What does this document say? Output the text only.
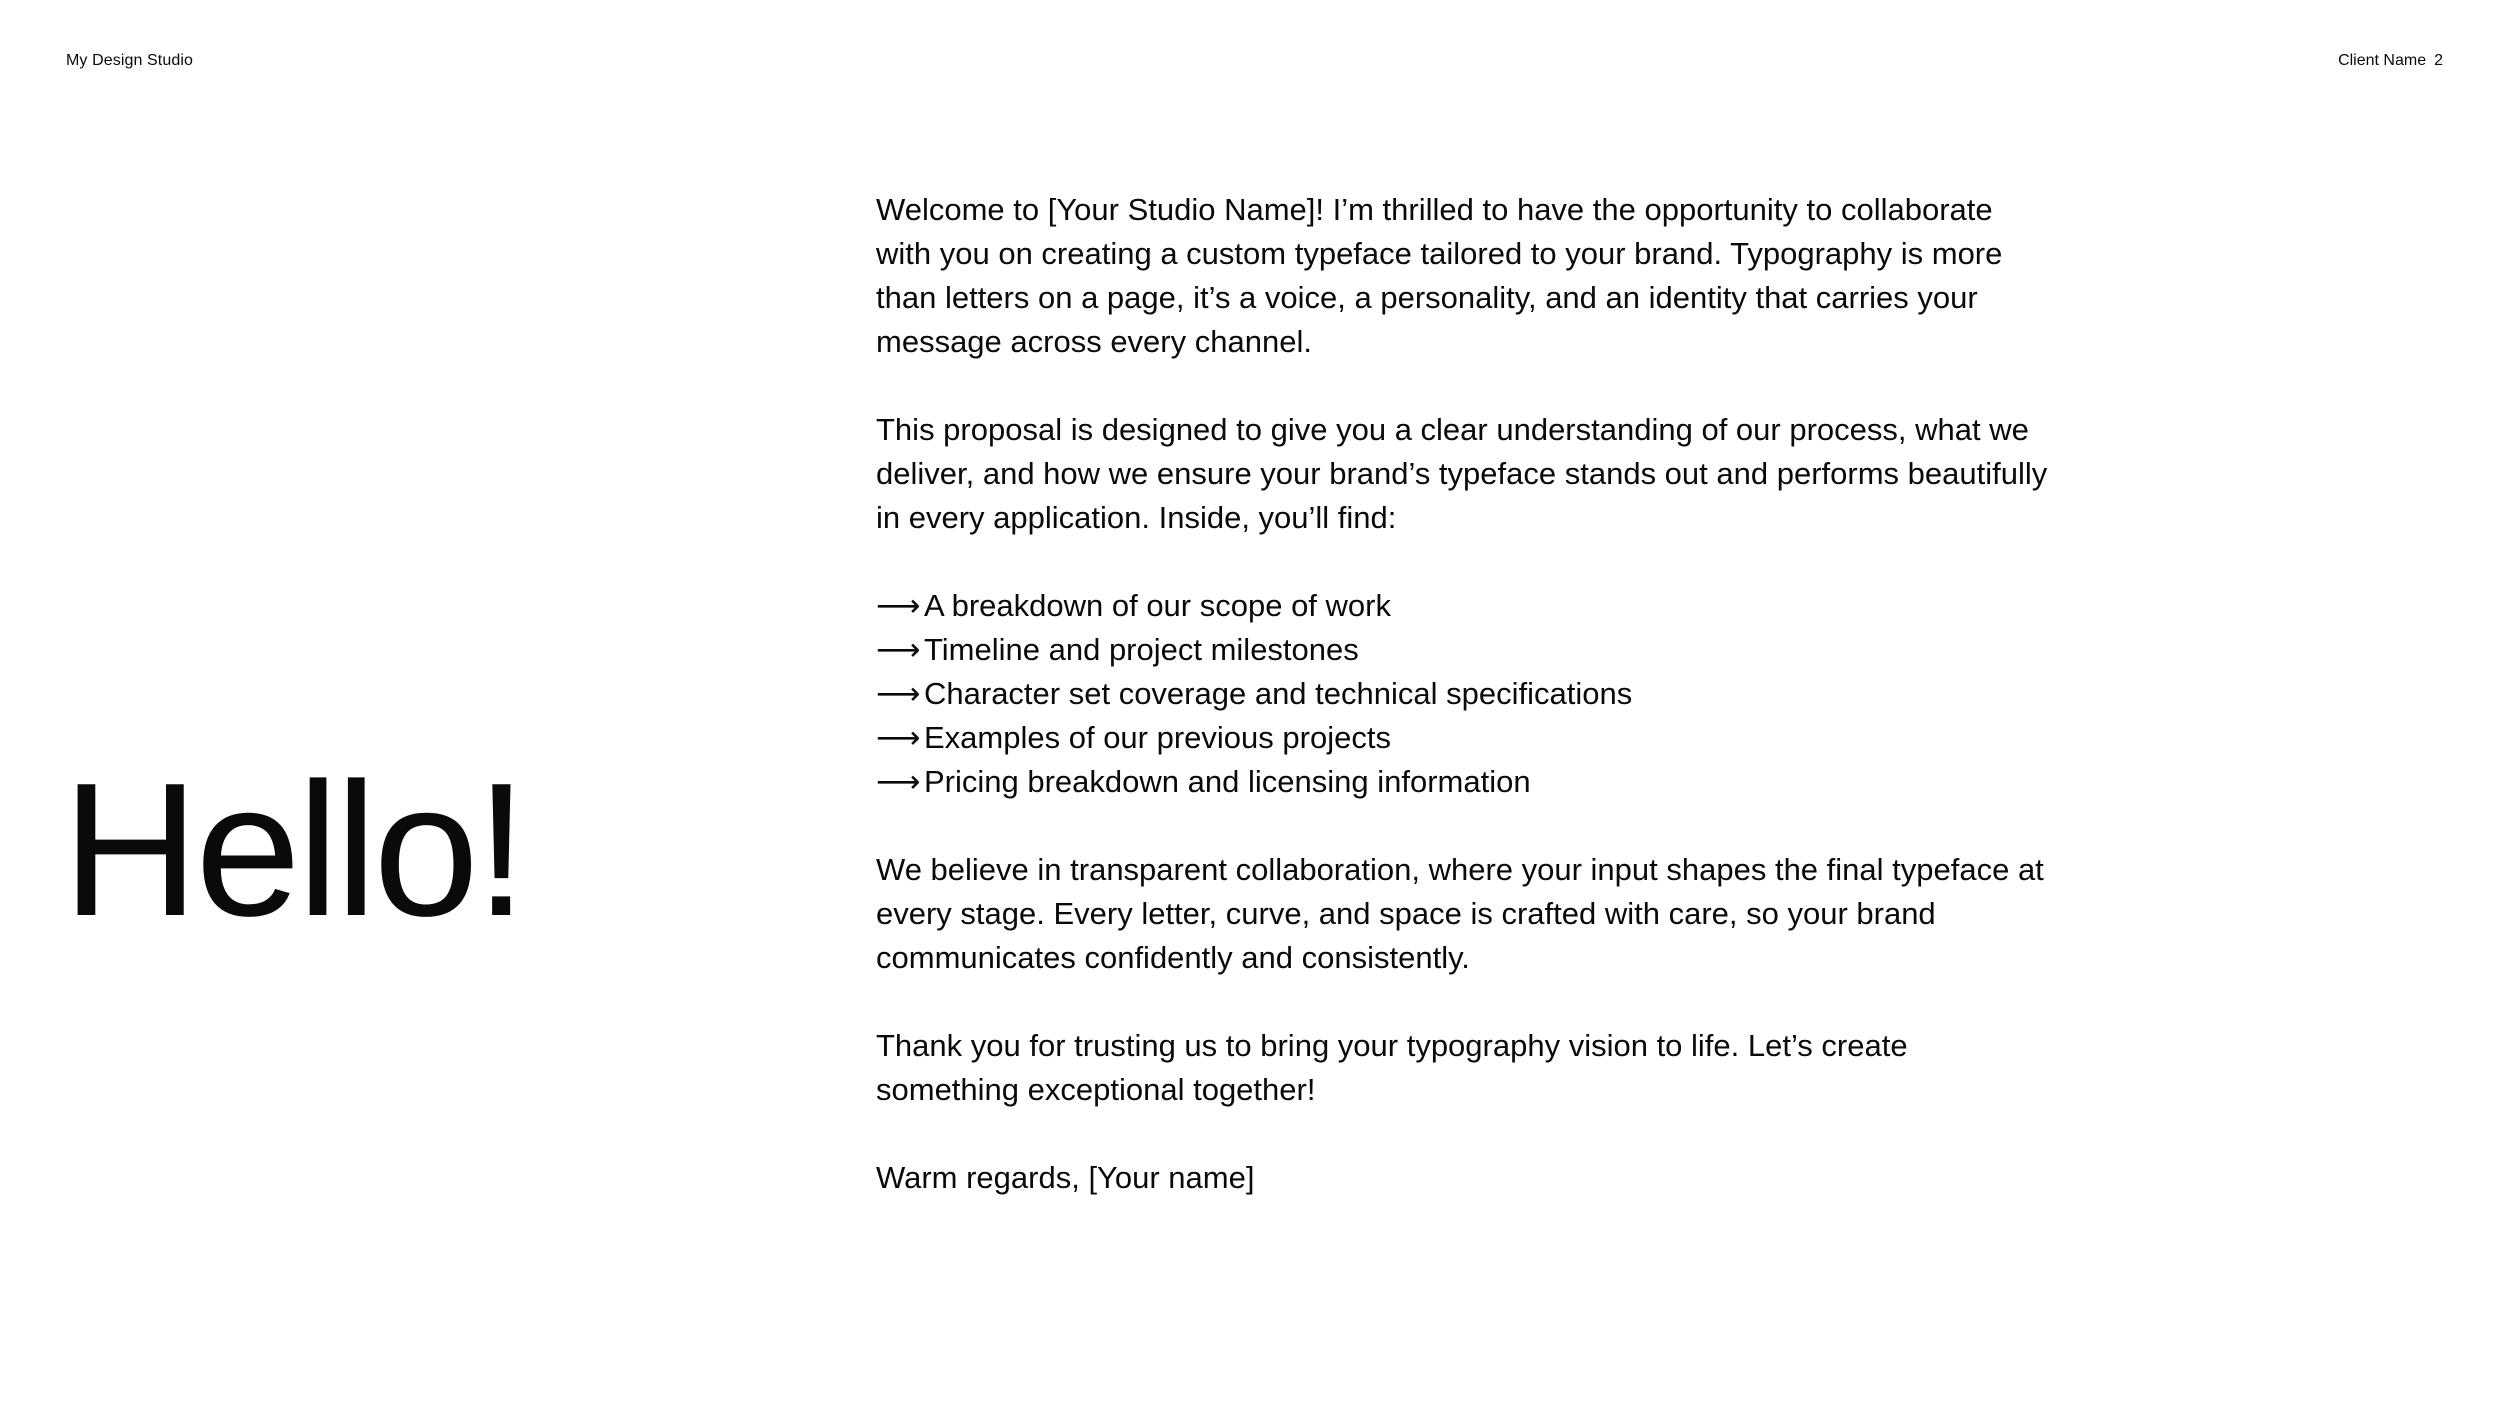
My Design Studio	Client Name 2
Hello!

Welcome to [Your Studio Name]! I’m thrilled to have the opportunity to collaborate with you on creating a custom typeface tailored to your brand. Typography is more than letters on a page, it’s a voice, a personality, and an identity that carries your message across every channel.

This proposal is designed to give you a clear understanding of our process, what we deliver, and how we ensure your brand’s typeface stands out and performs beautifully in every application. Inside, you’ll find:

⟶ A breakdown of our scope of work
⟶ Timeline and project milestones
⟶ Character set coverage and technical specifications
⟶ Examples of our previous projects
⟶ Pricing breakdown and licensing information

We believe in transparent collaboration, where your input shapes the final typeface at every stage. Every letter, curve, and space is crafted with care, so your brand communicates confidently and consistently.

Thank you for trusting us to bring your typography vision to life. Let’s create something exceptional together!

Warm regards, [Your name]
